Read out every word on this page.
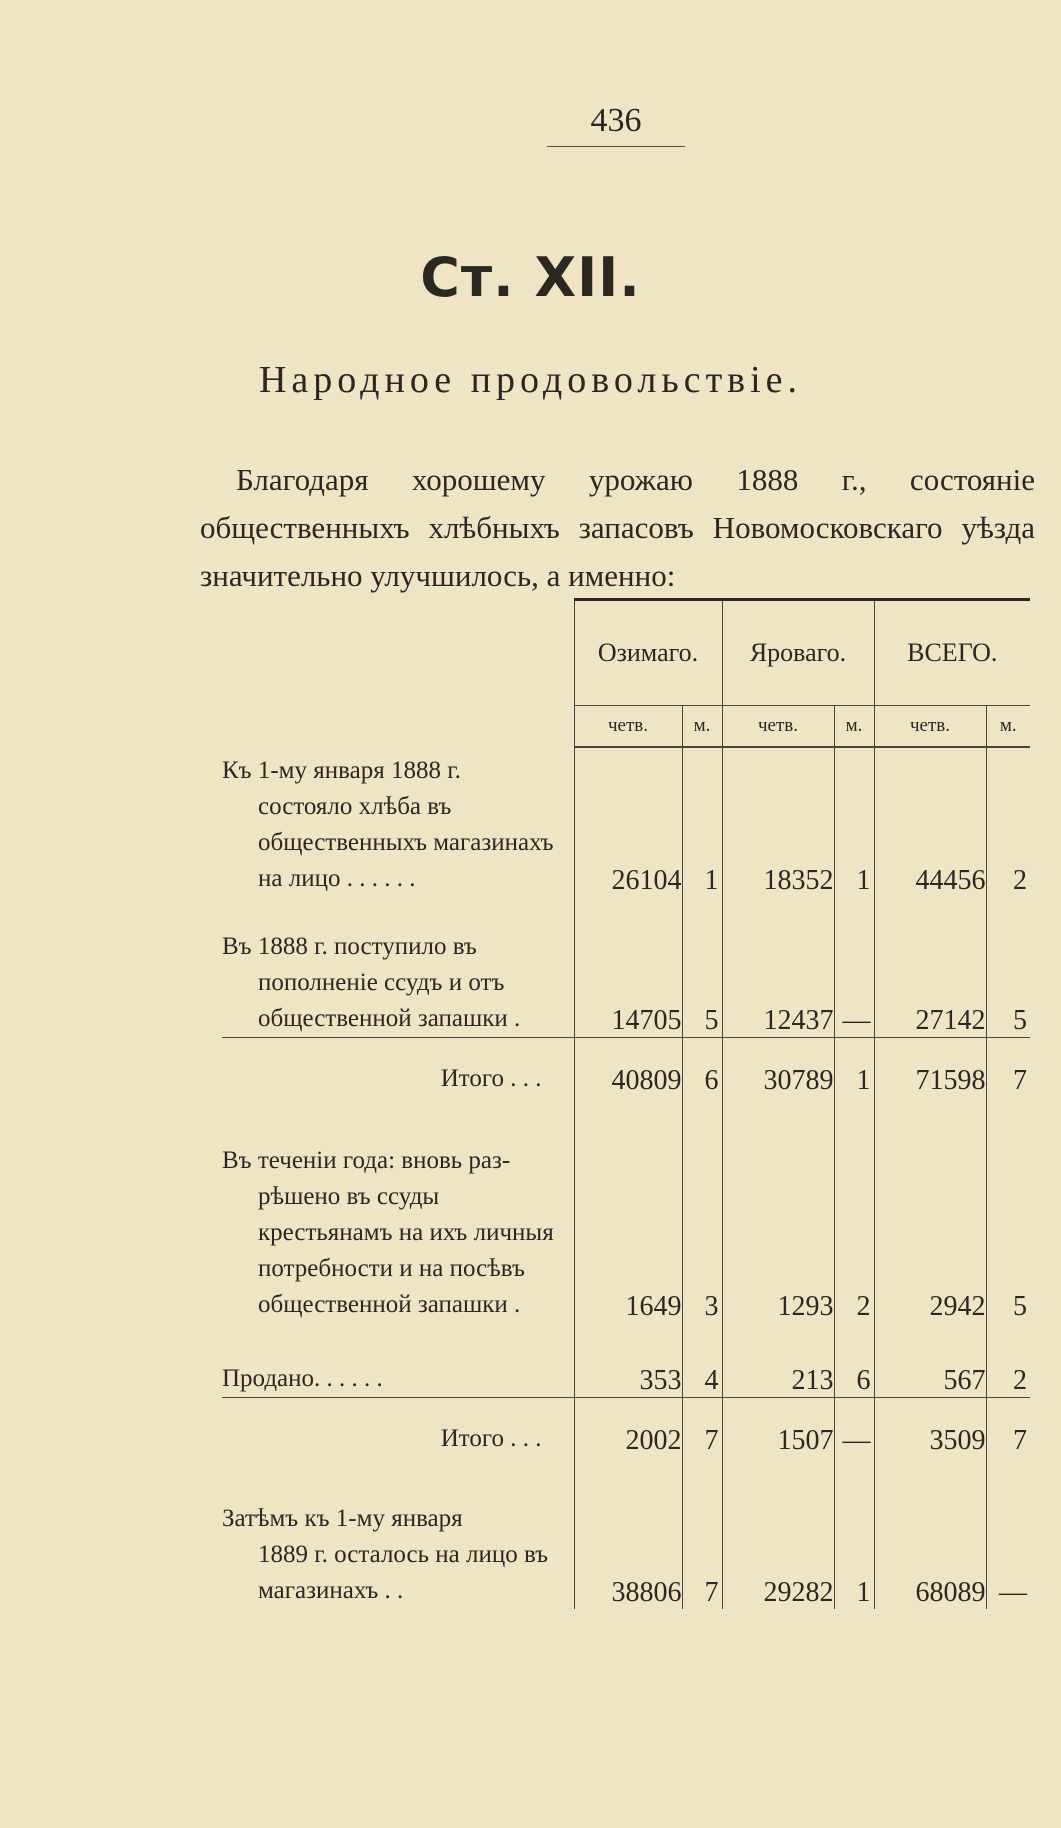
436
Ст. XII.
Народное продовольствiе.
Благодаря хорошему урожаю 1888 г., состоянiе общественныхъ хлѣбныхъ запасовъ Новомосковскаго уѣзда значительно улучшилось, а именно:

	Озимаго.		Яроваго.		ВСЕГО.	
	четв.	м.	четв.	м.	четв.	м.
Къ 1-му января 1888 г.
состояло хлѣба въ общественныхъ магазинахъ на лицо . . . . . .	26104	1	18352	1	44456	2
Въ 1888 г. поступило въ
пополненiе ссудъ и отъ общественной запашки .	14705	5	12437	—	27142	5
Итого . . .	40809	6	30789	1	71598	7
Въ теченiи года: вновь раз-
рѣшено въ ссуды крестьянамъ на ихъ личныя потребности и на посѣвъ общественной запашки .	1649	3	1293	2	2942	5
Продано. . . . . .	353	4	213	6	567	2
Итого . . .	2002	7	1507	—	3509	7
Затѣмъ къ 1-му января
1889 г. осталось на лицо въ магазинахъ . .	38806	7	29282	1	68089	—
